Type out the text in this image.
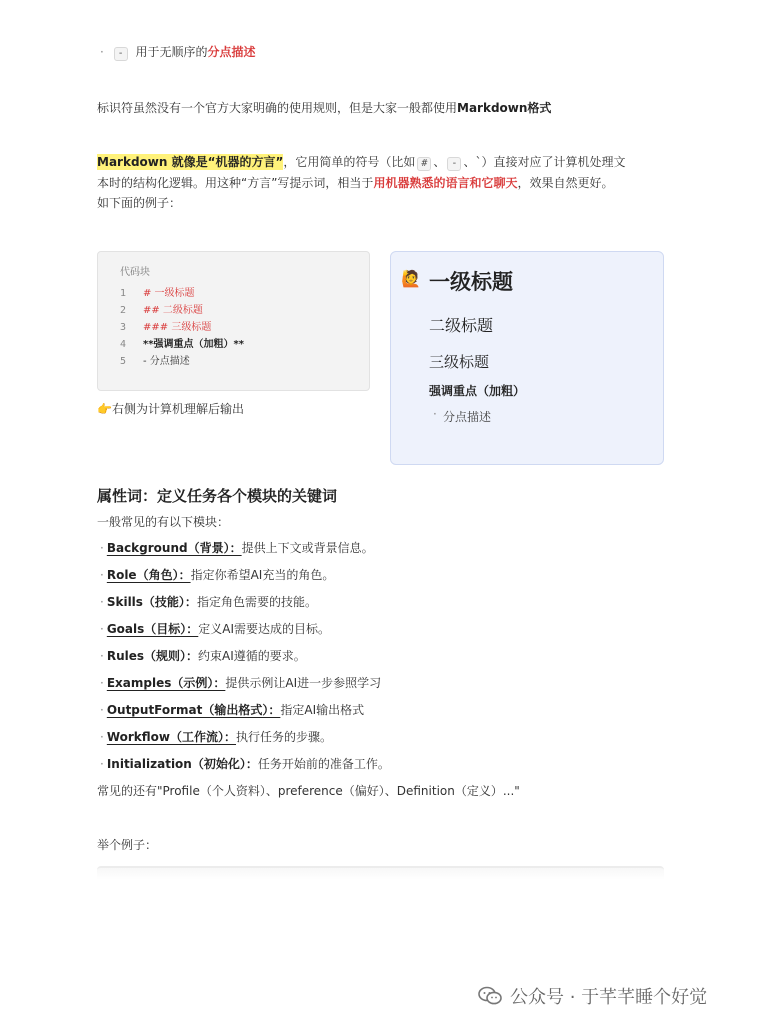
· - 用于无顺序的分点描述
标识符虽然没有一个官方大家明确的使用规则，但是大家一般都使用Markdown格式
Markdown 就像是“机器的方言”，它用简单的符号（比如 # 、 - 、`）直接对应了计算机处理文
本时的结构化逻辑。用这种“方言”写提示词，相当于用机器熟悉的语言和它聊天，效果自然更好。
如下面的例子：
代码块
1 # 一级标题
2 ## 二级标题
3 ### 三级标题
4 **强调重点（加粗）**
5 - 分点描述
👉右侧为计算机理解后输出
🙋 一级标题
二级标题
三级标题
强调重点（加粗）
· 分点描述
属性词：定义任务各个模块的关键词
一般常见的有以下模块：
· Background（背景）：提供上下文或背景信息。
· Role（角色）：指定你希望AI充当的角色。
· Skills（技能）：指定角色需要的技能。
· Goals（目标）：定义AI需要达成的目标。
· Rules（规则）：约束AI遵循的要求。
· Examples（示例）：提供示例让AI进一步参照学习
· OutputFormat（输出格式）：指定AI输出格式
· Workflow（工作流）：执行任务的步骤。
· Initialization（初始化）：任务开始前的准备工作。
常见的还有"Profile（个人资料）、preference（偏好）、Definition（定义）..."
举个例子：
公众号 · 于芊芊睡个好觉
